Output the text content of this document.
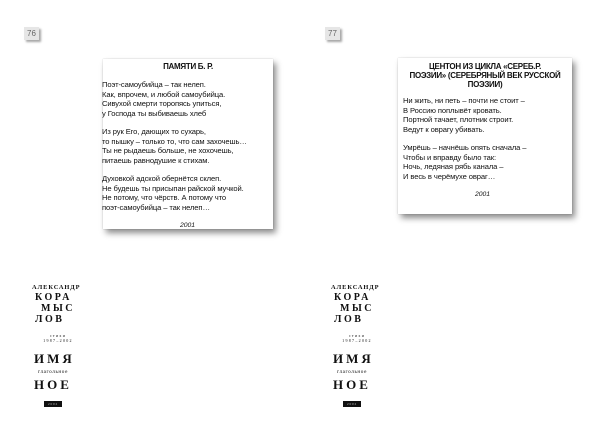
76
ПАМЯТИ Б. Р.
Поэт-самоубийца – так нелеп.
Как, впрочем, и любой самоубийца.
Сивухой смерти торопясь упиться,
у Господа ты выбиваешь хлеб
Из рук Его, дающих то сухарь,
то пышку – только то, что сам захочешь…
Ты не рыдаешь больше, не хохочешь,
питаешь равнодушие к стихам.
Духовкой адской обернётся склеп.
Не будешь ты присыпан райской мучкой.
Не потому, что чёрств. А потому что
поэт-самоубийца – так нелеп…
2001
АЛЕКСАНДР
КОРА
МЫС
ЛОВ
стихи
1987–2002
ИМЯ
глагольное
НОЕ
2002
77
ЦЕНТОН ИЗ ЦИКЛА «СЕРЕБ.Р.
ПОЭЗИИ» (СЕРЕБРЯНЫЙ ВЕК РУССКОЙ
ПОЭЗИИ)
Ни жить, ни петь – почти не стоит –
В Россию поплывёт кровать.
Портной тачает, плотник строит.
Ведут к оврагу убивать.
Умрёшь – начнёшь опять сначала –
Чтобы и вправду было так:
Ночь, ледяная рябь канала –
И весь в черёмухе овраг…
2001
АЛЕКСАНДР
КОРА
МЫС
ЛОВ
стихи
1987–2002
ИМЯ
глагольное
НОЕ
2002
